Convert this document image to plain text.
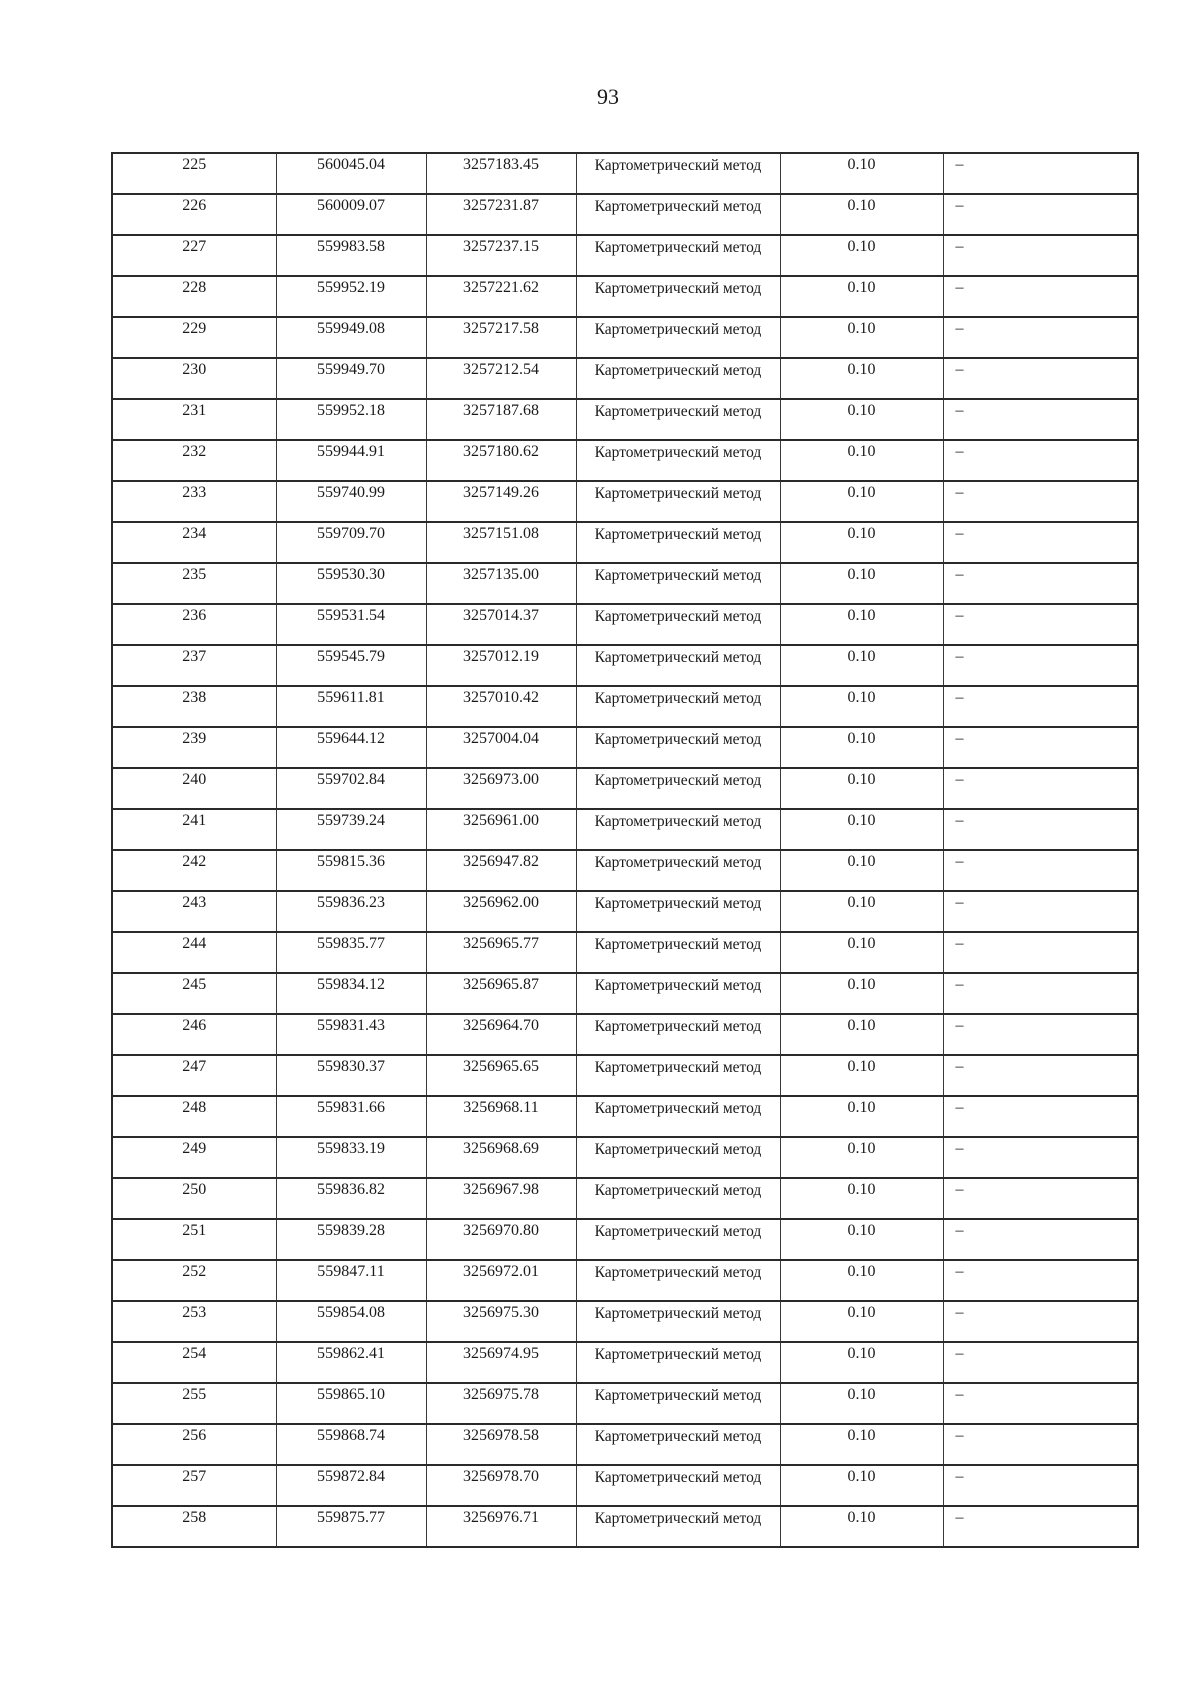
93
225	560045.04	3257183.45	Картометрический метод	0.10	–
226	560009.07	3257231.87	Картометрический метод	0.10	–
227	559983.58	3257237.15	Картометрический метод	0.10	–
228	559952.19	3257221.62	Картометрический метод	0.10	–
229	559949.08	3257217.58	Картометрический метод	0.10	–
230	559949.70	3257212.54	Картометрический метод	0.10	–
231	559952.18	3257187.68	Картометрический метод	0.10	–
232	559944.91	3257180.62	Картометрический метод	0.10	–
233	559740.99	3257149.26	Картометрический метод	0.10	–
234	559709.70	3257151.08	Картометрический метод	0.10	–
235	559530.30	3257135.00	Картометрический метод	0.10	–
236	559531.54	3257014.37	Картометрический метод	0.10	–
237	559545.79	3257012.19	Картометрический метод	0.10	–
238	559611.81	3257010.42	Картометрический метод	0.10	–
239	559644.12	3257004.04	Картометрический метод	0.10	–
240	559702.84	3256973.00	Картометрический метод	0.10	–
241	559739.24	3256961.00	Картометрический метод	0.10	–
242	559815.36	3256947.82	Картометрический метод	0.10	–
243	559836.23	3256962.00	Картометрический метод	0.10	–
244	559835.77	3256965.77	Картометрический метод	0.10	–
245	559834.12	3256965.87	Картометрический метод	0.10	–
246	559831.43	3256964.70	Картометрический метод	0.10	–
247	559830.37	3256965.65	Картометрический метод	0.10	–
248	559831.66	3256968.11	Картометрический метод	0.10	–
249	559833.19	3256968.69	Картометрический метод	0.10	–
250	559836.82	3256967.98	Картометрический метод	0.10	–
251	559839.28	3256970.80	Картометрический метод	0.10	–
252	559847.11	3256972.01	Картометрический метод	0.10	–
253	559854.08	3256975.30	Картометрический метод	0.10	–
254	559862.41	3256974.95	Картометрический метод	0.10	–
255	559865.10	3256975.78	Картометрический метод	0.10	–
256	559868.74	3256978.58	Картометрический метод	0.10	–
257	559872.84	3256978.70	Картометрический метод	0.10	–
258	559875.77	3256976.71	Картометрический метод	0.10	–
